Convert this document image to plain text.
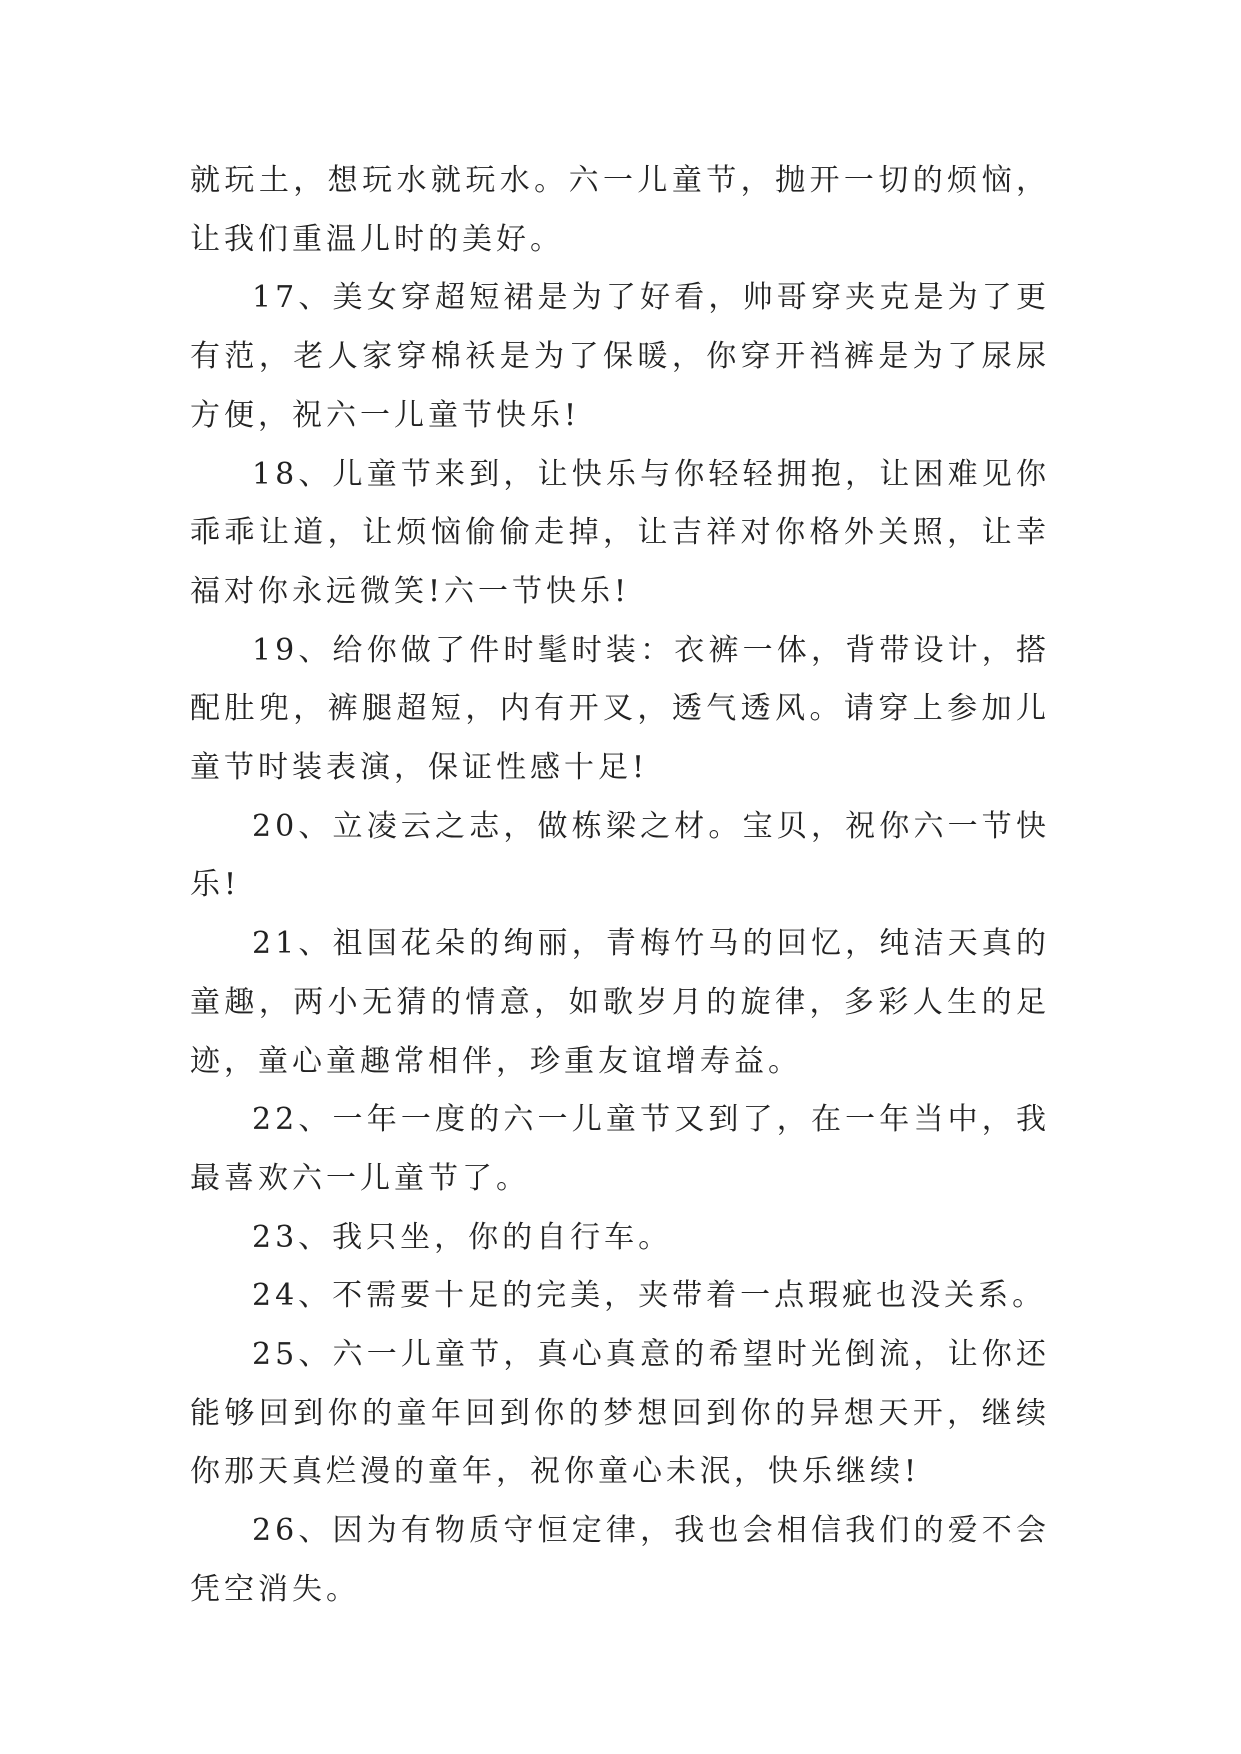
就玩土，想玩水就玩水。六一儿童节，抛开一切的烦恼，让我们重温儿时的美好。

17、美女穿超短裙是为了好看，帅哥穿夹克是为了更有范，老人家穿棉袄是为了保暖，你穿开裆裤是为了尿尿方便，祝六一儿童节快乐!

18、儿童节来到，让快乐与你轻轻拥抱，让困难见你乖乖让道，让烦恼偷偷走掉，让吉祥对你格外关照，让幸福对你永远微笑!六一节快乐!

19、给你做了件时髦时装：衣裤一体，背带设计，搭配肚兜，裤腿超短，内有开叉，透气透风。请穿上参加儿童节时装表演，保证性感十足!

20、立凌云之志，做栋梁之材。宝贝，祝你六一节快乐!

21、祖国花朵的绚丽，青梅竹马的回忆，纯洁天真的童趣，两小无猜的情意，如歌岁月的旋律，多彩人生的足迹，童心童趣常相伴，珍重友谊增寿益。

22、一年一度的六一儿童节又到了，在一年当中，我最喜欢六一儿童节了。

23、我只坐，你的自行车。

24、不需要十足的完美，夹带着一点瑕疵也没关系。

25、六一儿童节，真心真意的希望时光倒流，让你还能够回到你的童年回到你的梦想回到你的异想天开，继续你那天真烂漫的童年，祝你童心未泯，快乐继续!

26、因为有物质守恒定律，我也会相信我们的爱不会凭空消失。
